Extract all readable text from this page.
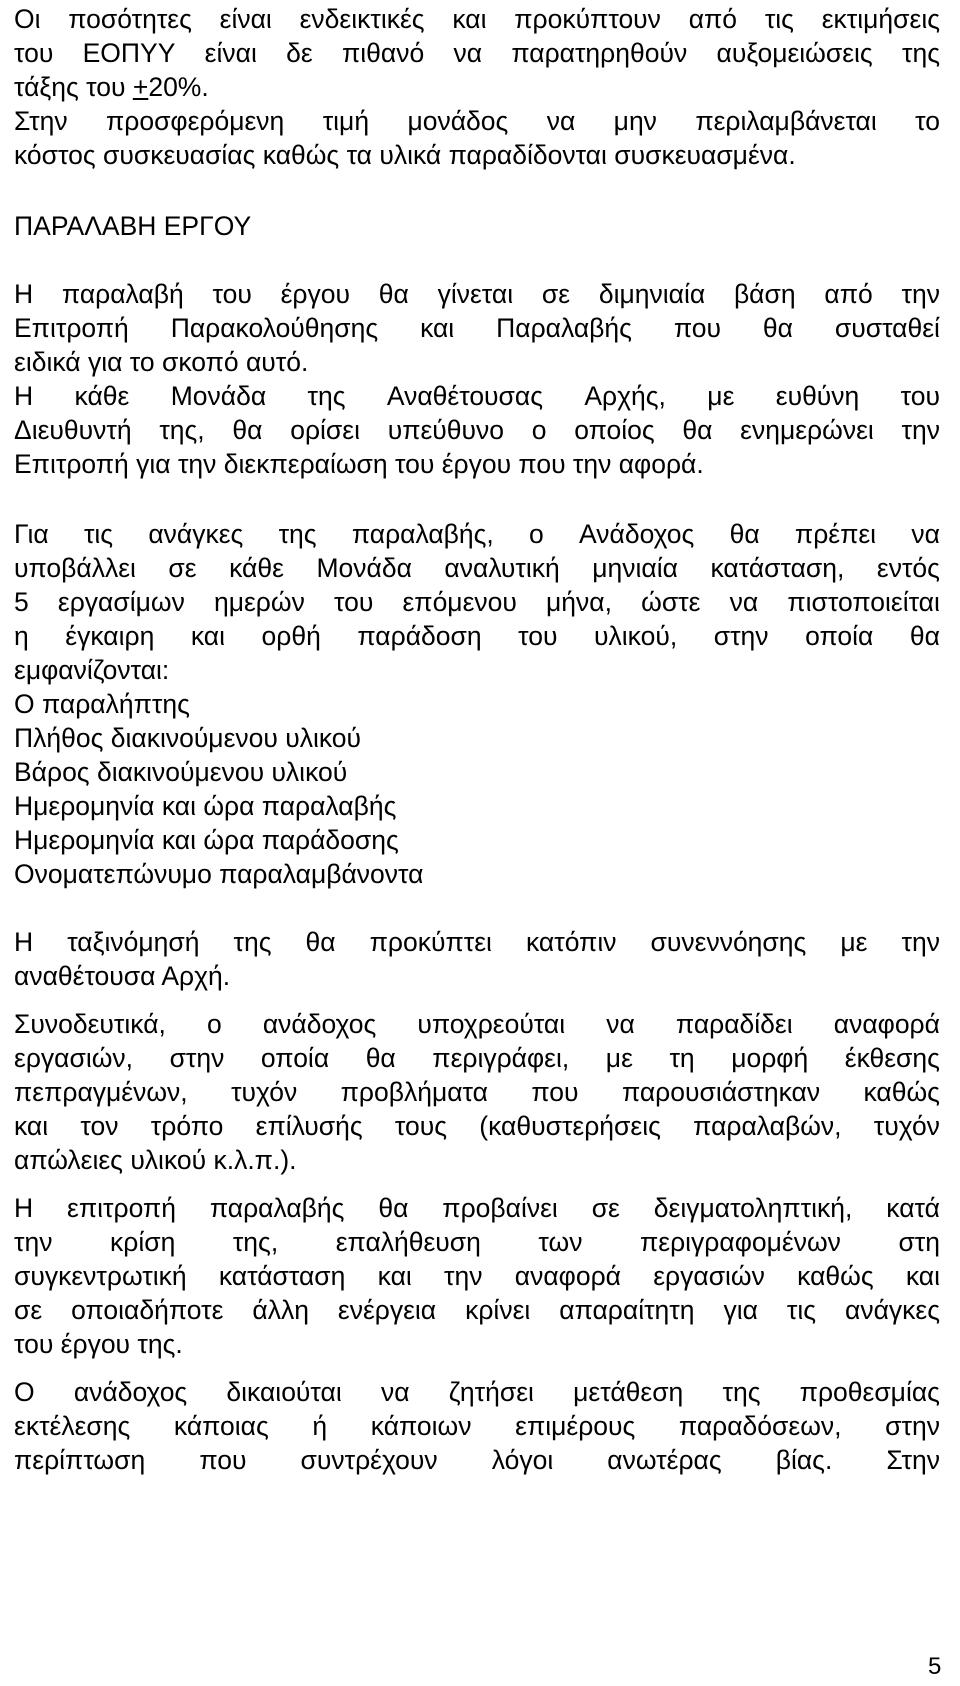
Οι ποσότητες είναι ενδεικτικές και προκύπτουν από τις εκτιμήσεις
του ΕΟΠΥΥ είναι δε πιθανό να παρατηρηθούν αυξομειώσεις της
τάξης του +20%.
Στην προσφερόμενη τιμή μονάδος να μην περιλαμβάνεται το
κόστος συσκευασίας καθώς τα υλικά παραδίδονται συσκευασμένα.
ΠΑΡΑΛΑΒΗ ΕΡΓΟΥ
Η παραλαβή του έργου θα γίνεται σε διμηνιαία βάση από την
Επιτροπή Παρακολούθησης και Παραλαβής που θα συσταθεί
ειδικά για το σκοπό αυτό.
Η κάθε Μονάδα της Αναθέτουσας Αρχής, με ευθύνη του
Διευθυντή της, θα ορίσει υπεύθυνο ο οποίος θα ενημερώνει την
Επιτροπή για την διεκπεραίωση του έργου που την αφορά.
Για τις ανάγκες της παραλαβής, ο Ανάδοχος θα πρέπει να
υποβάλλει σε κάθε Μονάδα αναλυτική μηνιαία κατάσταση, εντός
5 εργασίμων ημερών του επόμενου μήνα, ώστε να πιστοποιείται
η έγκαιρη και ορθή παράδοση του υλικού, στην οποία θα
εμφανίζονται:
Ο παραλήπτης
Πλήθος διακινούμενου υλικού
Βάρος διακινούμενου υλικού
Ημερομηνία και ώρα παραλαβής
Ημερομηνία και ώρα παράδοσης
Ονοματεπώνυμο παραλαμβάνοντα
Η ταξινόμησή της θα προκύπτει κατόπιν συνεννόησης με την
αναθέτουσα Αρχή.
Συνοδευτικά, ο ανάδοχος υποχρεούται να παραδίδει αναφορά
εργασιών, στην οποία θα περιγράφει, με τη μορφή έκθεσης
πεπραγμένων, τυχόν προβλήματα που παρουσιάστηκαν καθώς
και τον τρόπο επίλυσής τους (καθυστερήσεις παραλαβών, τυχόν
απώλειες υλικού κ.λ.π.).
Η επιτροπή παραλαβής θα προβαίνει σε δειγματοληπτική, κατά
την κρίση της, επαλήθευση των περιγραφομένων στη
συγκεντρωτική κατάσταση και την αναφορά εργασιών καθώς και
σε οποιαδήποτε άλλη ενέργεια κρίνει απαραίτητη για τις ανάγκες
του έργου της.
Ο ανάδοχος δικαιούται να ζητήσει μετάθεση της προθεσμίας
εκτέλεσης κάποιας ή κάποιων επιμέρους παραδόσεων, στην
περίπτωση που συντρέχουν λόγοι ανωτέρας βίας. Στην
5
